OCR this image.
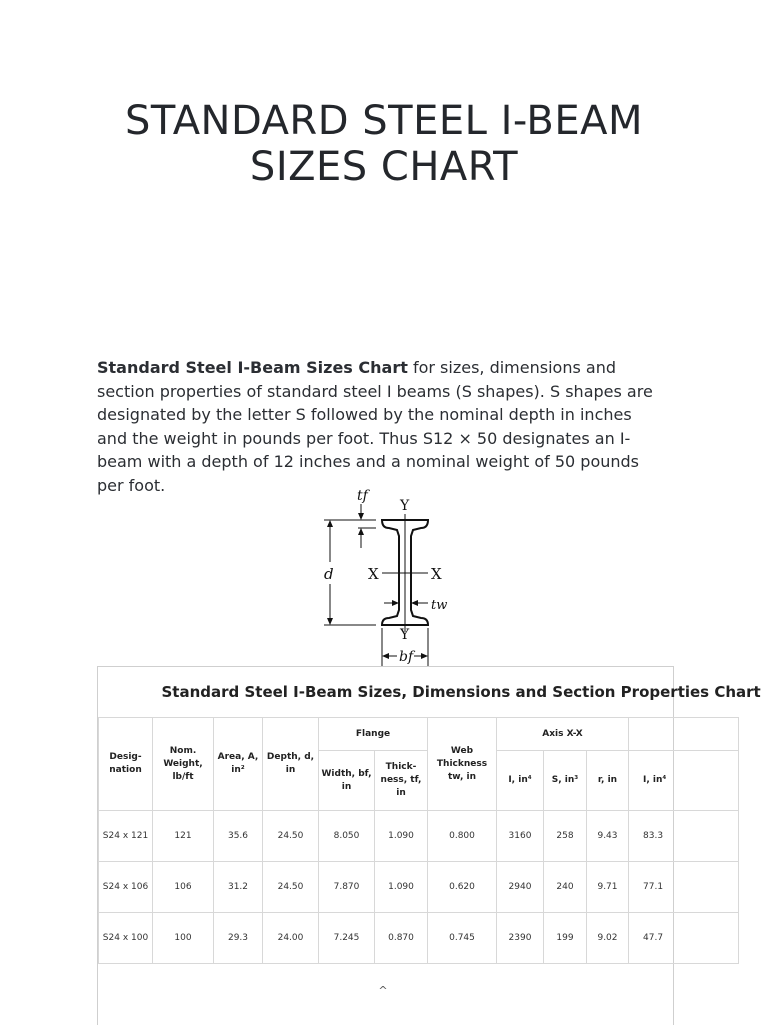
STANDARD STEEL I-BEAM
SIZES CHART

Standard Steel I-Beam Sizes Chart for sizes, dimensions and section properties of standard steel I beams (S shapes). S shapes are designated by the letter S followed by the nominal depth in inches and the weight in pounds per foot. Thus S12 × 50 designates an I-beam with a depth of 12 inches and a nominal weight of 50 pounds per foot.

tf
Y
d X	X
tw
Y
bf
Standard Steel I-Beam Sizes, Dimensions and Section Properties Chart										
Desig-nation	Nom. Weight, lb/ft	Area, A, in²	Depth, d, in	Flange		Web Thickness tw, in	Axis X-X			
				Width, bf, in	Thick-ness, tf, in		I, in⁴	S, in³	r, in	I, in⁴
S24 x 121	121	35.6	24.50	8.050	1.090	0.800	3160	258	9.43	83.3
S24 x 106	106	31.2	24.50	7.870	1.090	0.620	2940	240	9.71	77.1
S24 x 100	100	29.3	24.00	7.245	0.870	0.745	2390	199	9.02	47.7
^
